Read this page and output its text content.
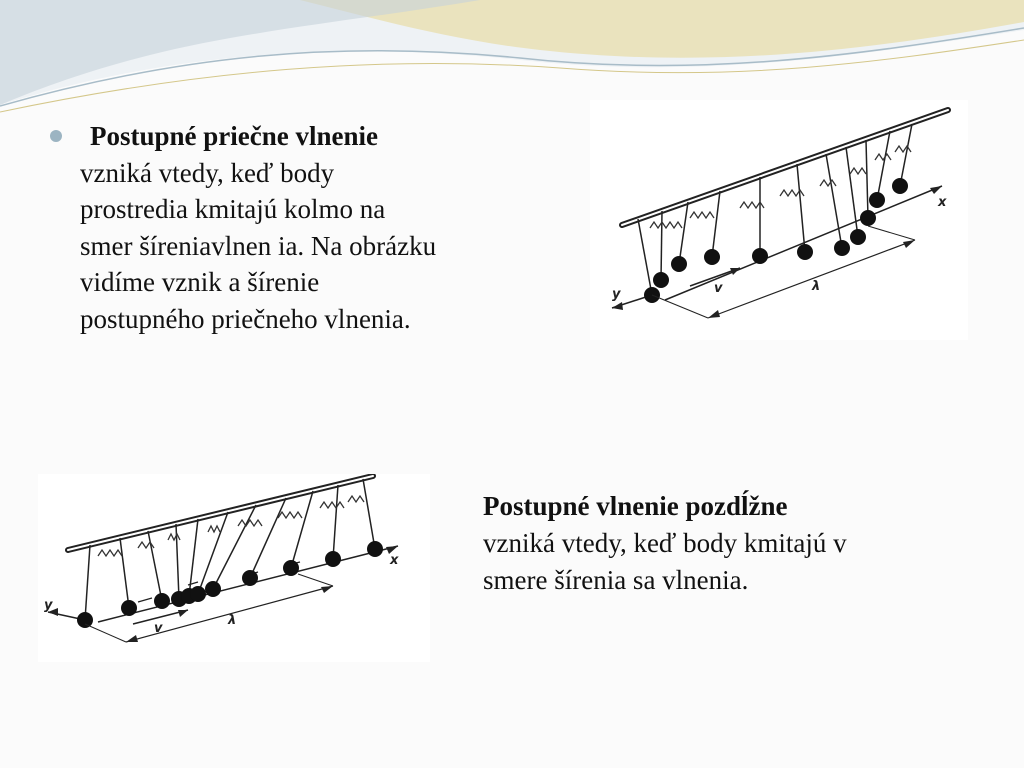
Postupné priečne vlnenie
vzniká vtedy, keď body
prostredia kmitajú kolmo na
smer šíreniavlnen ia. Na obrázku
vidíme vznik a šírenie
postupného priečneho vlnenia.
x
y	v	λ
x
y
v
λ
Postupné vlnenie pozdĺžne
vzniká vtedy, keď body kmitajú v
smere šírenia sa vlnenia.
